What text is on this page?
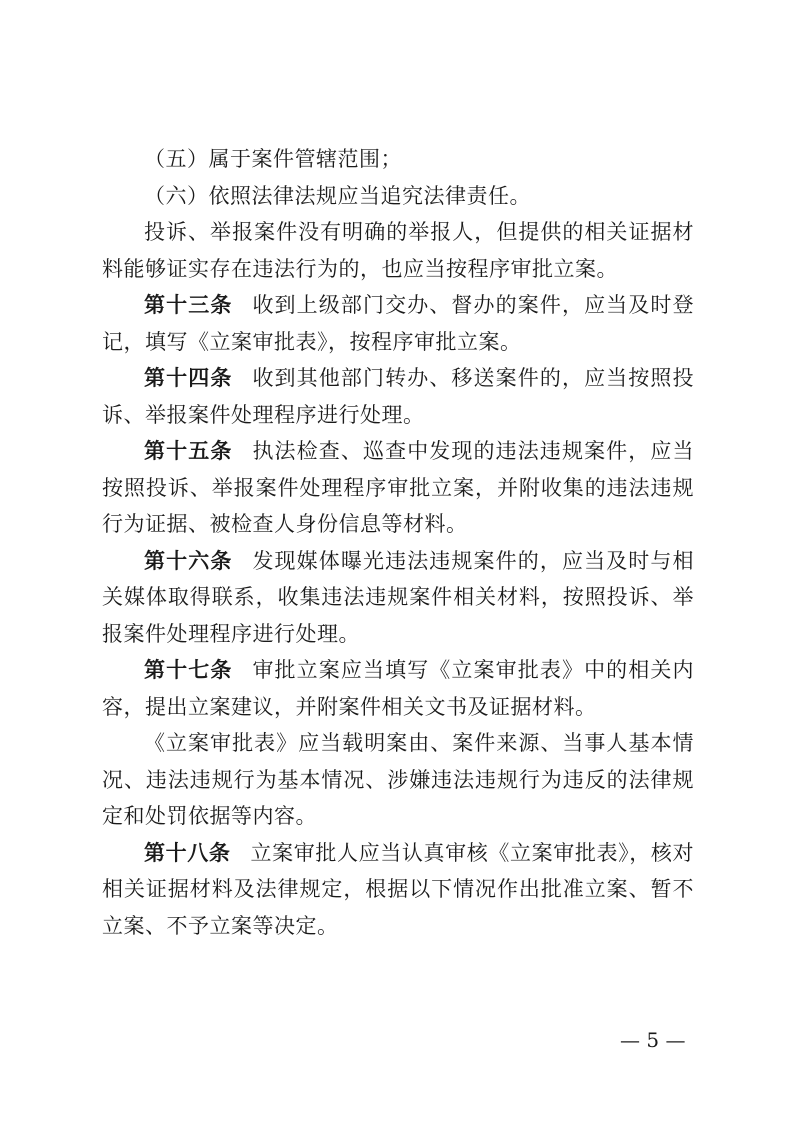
（五）属于案件管辖范围；

（六）依照法律法规应当追究法律责任。

投诉、举报案件没有明确的举报人，但提供的相关证据材料能够证实存在违法行为的，也应当按程序审批立案。

第十三条 收到上级部门交办、督办的案件，应当及时登记，填写《立案审批表》，按程序审批立案。

第十四条 收到其他部门转办、移送案件的，应当按照投诉、举报案件处理程序进行处理。

第十五条 执法检查、巡查中发现的违法违规案件，应当按照投诉、举报案件处理程序审批立案，并附收集的违法违规行为证据、被检查人身份信息等材料。

第十六条 发现媒体曝光违法违规案件的，应当及时与相关媒体取得联系，收集违法违规案件相关材料，按照投诉、举报案件处理程序进行处理。

第十七条 审批立案应当填写《立案审批表》中的相关内容，提出立案建议，并附案件相关文书及证据材料。

《立案审批表》应当载明案由、案件来源、当事人基本情况、违法违规行为基本情况、涉嫌违法违规行为违反的法律规定和处罚依据等内容。

第十八条 立案审批人应当认真审核《立案审批表》，核对相关证据材料及法律规定，根据以下情况作出批准立案、暂不立案、不予立案等决定。

— 5 —
